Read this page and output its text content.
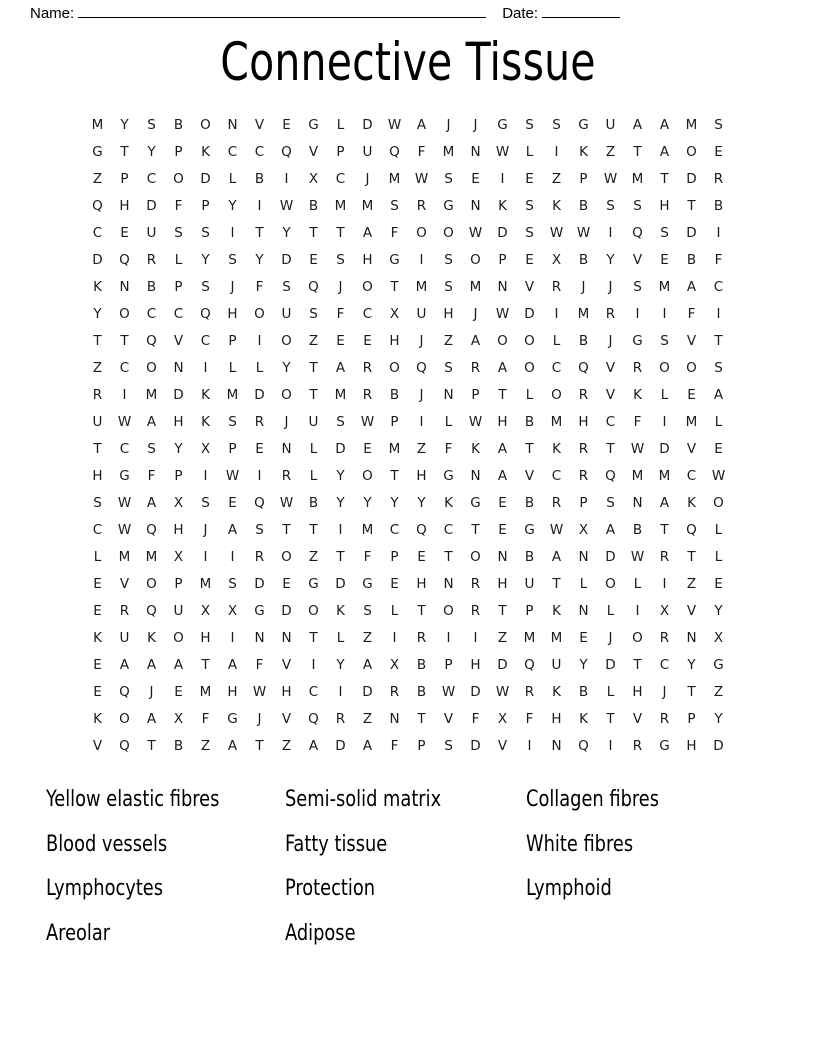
Name:	Date:
Connective Tissue
M	Y	S	B	O	N	V	E	G	L	D	W	A	J	J	G	S	S	G	U	A	A	M	S
G	T	Y	P	K	C	C	Q	V	P	U	Q	F	M	N	W	L	I	K	Z	T	A	O	E
Z	P	C	O	D	L	B	I	X	C	J	M	W	S	E	I	E	Z	P	W	M	T	D	R
Q	H	D	F	P	Y	I	W	B	M	M	S	R	G	N	K	S	K	B	S	S	H	T	B
C	E	U	S	S	I	T	Y	T	T	A	F	O	O	W	D	S	W	W	I	Q	S	D	I
D	Q	R	L	Y	S	Y	D	E	S	H	G	I	S	O	P	E	X	B	Y	V	E	B	F
K	N	B	P	S	J	F	S	Q	J	O	T	M	S	M	N	V	R	J	J	S	M	A	C
Y	O	C	C	Q	H	O	U	S	F	C	X	U	H	J	W	D	I	M	R	I	I	F	I
T	T	Q	V	C	P	I	O	Z	E	E	H	J	Z	A	O	O	L	B	J	G	S	V	T
Z	C	O	N	I	L	L	Y	T	A	R	O	Q	S	R	A	O	C	Q	V	R	O	O	S
R	I	M	D	K	M	D	O	T	M	R	B	J	N	P	T	L	O	R	V	K	L	E	A
U	W	A	H	K	S	R	J	U	S	W	P	I	L	W	H	B	M	H	C	F	I	M	L
T	C	S	Y	X	P	E	N	L	D	E	M	Z	F	K	A	T	K	R	T	W	D	V	E
H	G	F	P	I	W	I	R	L	Y	O	T	H	G	N	A	V	C	R	Q	M	M	C	W
S	W	A	X	S	E	Q	W	B	Y	Y	Y	Y	K	G	E	B	R	P	S	N	A	K	O
C	W	Q	H	J	A	S	T	T	I	M	C	Q	C	T	E	G	W	X	A	B	T	Q	L
L	M	M	X	I	I	R	O	Z	T	F	P	E	T	O	N	B	A	N	D	W	R	T	L
E	V	O	P	M	S	D	E	G	D	G	E	H	N	R	H	U	T	L	O	L	I	Z	E
E	R	Q	U	X	X	G	D	O	K	S	L	T	O	R	T	P	K	N	L	I	X	V	Y
K	U	K	O	H	I	N	N	T	L	Z	I	R	I	I	Z	M	M	E	J	O	R	N	X
E	A	A	A	T	A	F	V	I	Y	A	X	B	P	H	D	Q	U	Y	D	T	C	Y	G
E	Q	J	E	M	H	W	H	C	I	D	R	B	W	D	W	R	K	B	L	H	J	T	Z
K	O	A	X	F	G	J	V	Q	R	Z	N	T	V	F	X	F	H	K	T	V	R	P	Y
V	Q	T	B	Z	A	T	Z	A	D	A	F	P	S	D	V	I	N	Q	I	R	G	H	D
Yellow elastic fibres	Semi-solid matrix	Collagen fibres
Blood vessels	Fatty tissue	White fibres
Lymphocytes	Protection	Lymphoid
Areolar	Adipose
